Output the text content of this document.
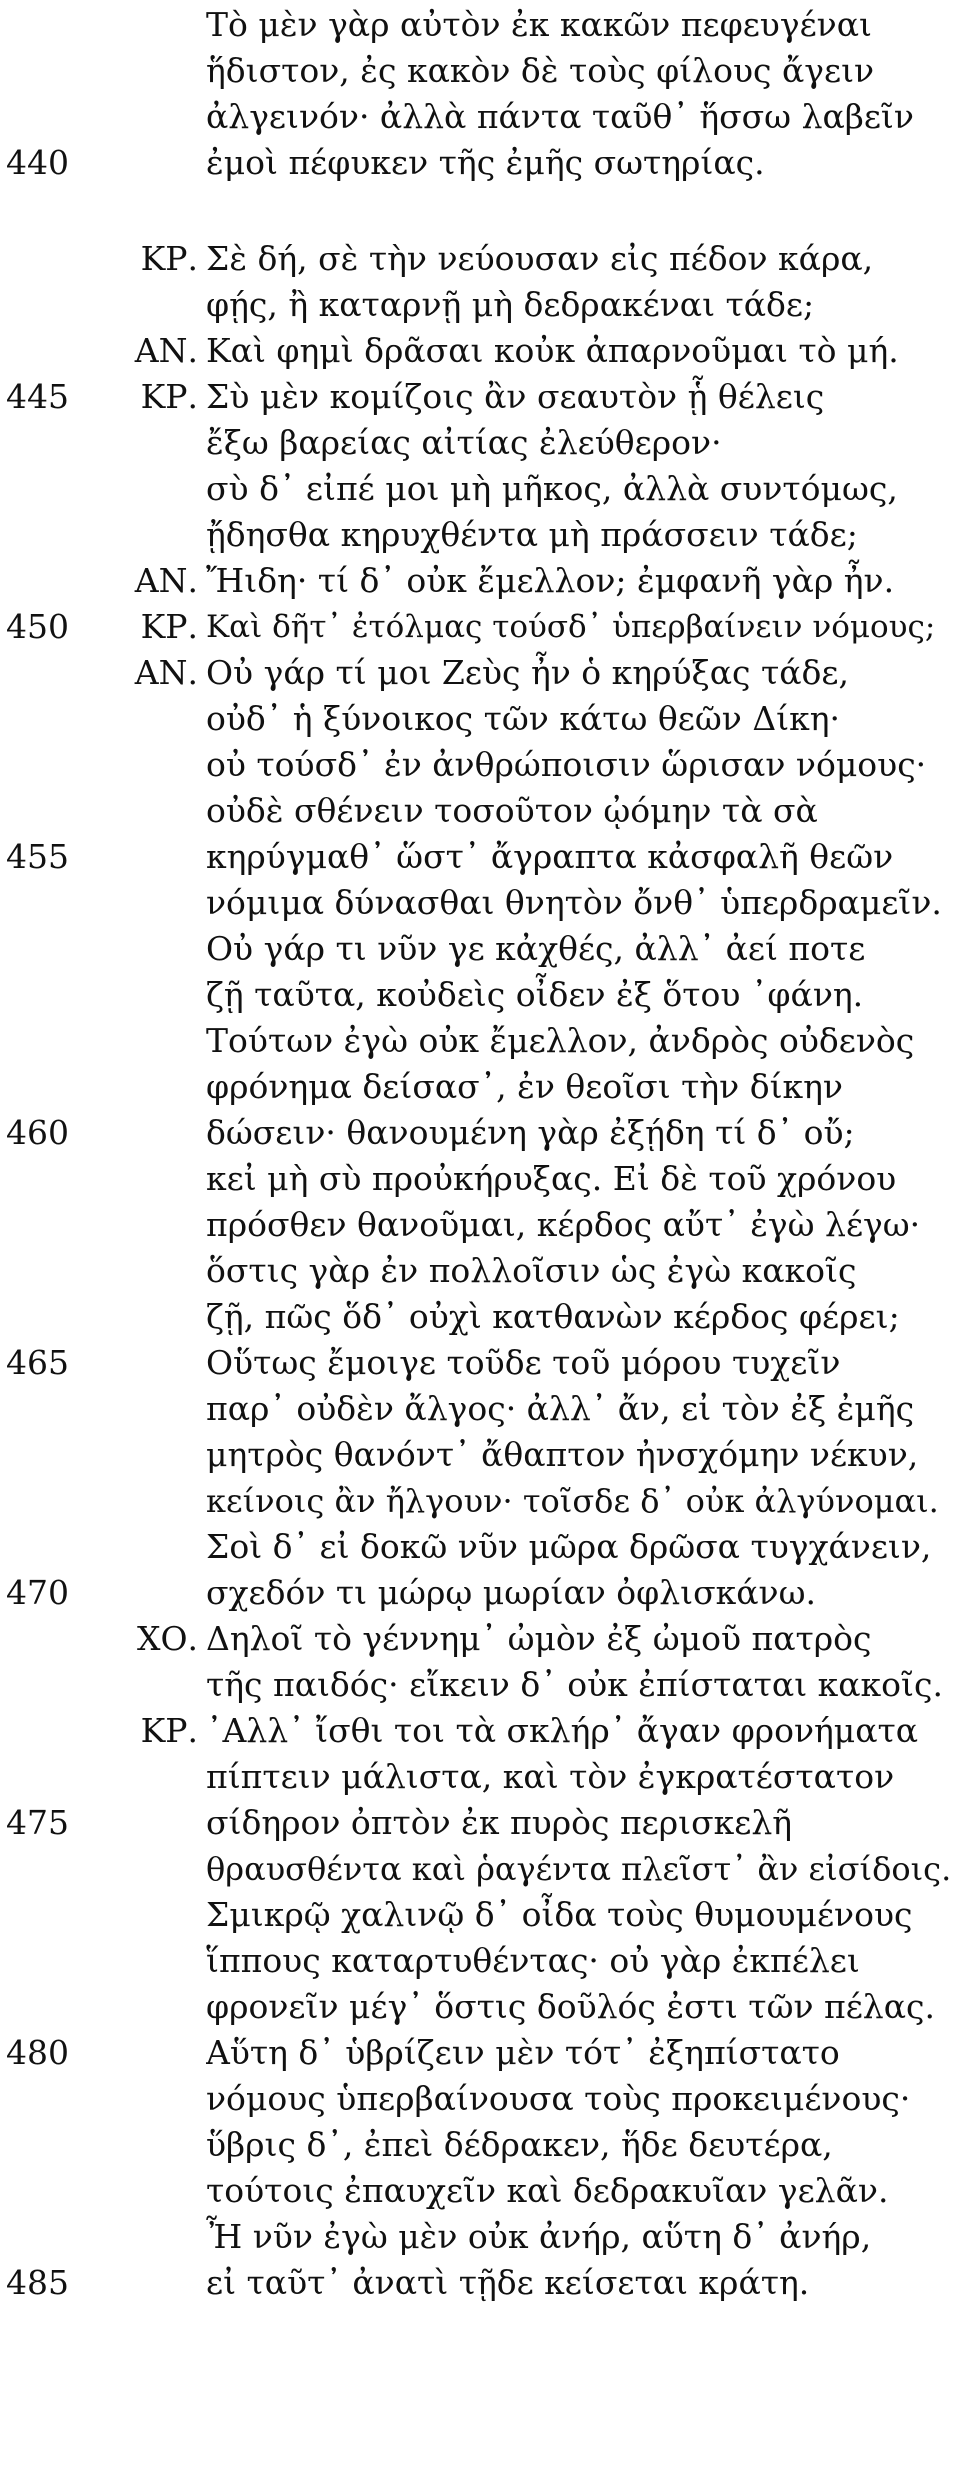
Τὸ μὲν γὰρ αὐτὸν ἐκ κακῶν πεφευγέναι
ἥδιστον, ἐς κακὸν δὲ τοὺς φίλους ἄγειν
ἀλγεινόν· ἀλλὰ πάντα ταῦθ᾽ ἥσσω λαβεῖν
440	ἐμοὶ πέφυκεν τῆς ἐμῆς σωτηρίας.
ΚΡ. Σὲ δή, σὲ τὴν νεύουσαν εἰς πέδον κάρα,
φῄς, ἢ καταρνῇ μὴ δεδρακέναι τάδε;
ΑΝ. Καὶ φημὶ δρᾶσαι κοὐκ ἀπαρνοῦμαι τὸ μή.
445	ΚΡ. Σὺ μὲν κομίζοις ἂν σεαυτὸν ᾗ θέλεις
ἔξω βαρείας αἰτίας ἐλεύθερον·
σὺ δ᾽ εἰπέ μοι μὴ μῆκος, ἀλλὰ συντόμως,
ᾔδησθα κηρυχθέντα μὴ πράσσειν τάδε;
ΑΝ. Ἤιδη· τί δ᾽ οὐκ ἔμελλον; ἐμφανῆ γὰρ ἦν.
450	ΚΡ. Καὶ δῆτ᾽ ἐτόλμας τούσδ᾽ ὑπερβαίνειν νόμους;
ΑΝ. Οὐ γάρ τί μοι Ζεὺς ἦν ὁ κηρύξας τάδε,
οὐδ᾽ ἡ ξύνοικος τῶν κάτω θεῶν Δίκη·
οὐ τούσδ᾽ ἐν ἀνθρώποισιν ὥρισαν νόμους·
οὐδὲ σθένειν τοσοῦτον ᾠόμην τὰ σὰ
455	κηρύγμαθ᾽ ὥστ᾽ ἄγραπτα κἀσφαλῆ θεῶν
νόμιμα δύνασθαι θνητὸν ὄνθ᾽ ὑπερδραμεῖν.
Οὐ γάρ τι νῦν γε κἀχθές, ἀλλ᾽ ἀεί ποτε
ζῇ ταῦτα, κοὐδεὶς οἶδεν ἐξ ὅτου ᾽φάνη.
Τούτων ἐγὼ οὐκ ἔμελλον, ἀνδρὸς οὐδενὸς
φρόνημα δείσασ᾽, ἐν θεοῖσι τὴν δίκην
460	δώσειν· θανουμένη γὰρ ἐξῄδη τί δ᾽ οὔ;
κεἰ μὴ σὺ προὐκήρυξας. Εἰ δὲ τοῦ χρόνου
πρόσθεν θανοῦμαι, κέρδος αὔτ᾽ ἐγὼ λέγω·
ὅστις γὰρ ἐν πολλοῖσιν ὡς ἐγὼ κακοῖς
ζῇ, πῶς ὅδ᾽ οὐχὶ κατθανὼν κέρδος φέρει;
465	Οὕτως ἔμοιγε τοῦδε τοῦ μόρου τυχεῖν
παρ᾽ οὐδὲν ἄλγος· ἀλλ᾽ ἄν, εἰ τὸν ἐξ ἐμῆς
μητρὸς θανόντ᾽ ἄθαπτον ἠνσχόμην νέκυν,
κείνοις ἂν ἤλγουν· τοῖσδε δ᾽ οὐκ ἀλγύνομαι.
Σοὶ δ᾽ εἰ δοκῶ νῦν μῶρα δρῶσα τυγχάνειν,
470	σχεδόν τι μώρῳ μωρίαν ὀφλισκάνω.
ΧΟ. Δηλοῖ τὸ γέννημ᾽ ὠμὸν ἐξ ὠμοῦ πατρὸς
τῆς παιδός· εἴκειν δ᾽ οὐκ ἐπίσταται κακοῖς.
ΚΡ. ᾽Αλλ᾽ ἴσθι τοι τὰ σκλήρ᾽ ἄγαν φρονήματα
πίπτειν μάλιστα, καὶ τὸν ἐγκρατέστατον
475	σίδηρον ὀπτὸν ἐκ πυρὸς περισκελῆ
θραυσθέντα καὶ ῥαγέντα πλεῖστ᾽ ἂν εἰσίδοις.
Σμικρῷ χαλινῷ δ᾽ οἶδα τοὺς θυμουμένους
ἵππους καταρτυθέντας· οὐ γὰρ ἐκπέλει
φρονεῖν μέγ᾽ ὅστις δοῦλός ἐστι τῶν πέλας.
480	Αὕτη δ᾽ ὑβρίζειν μὲν τότ᾽ ἐξηπίστατο
νόμους ὑπερβαίνουσα τοὺς προκειμένους·
ὕβρις δ᾽, ἐπεὶ δέδρακεν, ἥδε δευτέρα,
τούτοις ἐπαυχεῖν καὶ δεδρακυῖαν γελᾶν.
Ἦ νῦν ἐγὼ μὲν οὐκ ἀνήρ, αὕτη δ᾽ ἀνήρ,
485	εἰ ταῦτ᾽ ἀνατὶ τῇδε κείσεται κράτη.
